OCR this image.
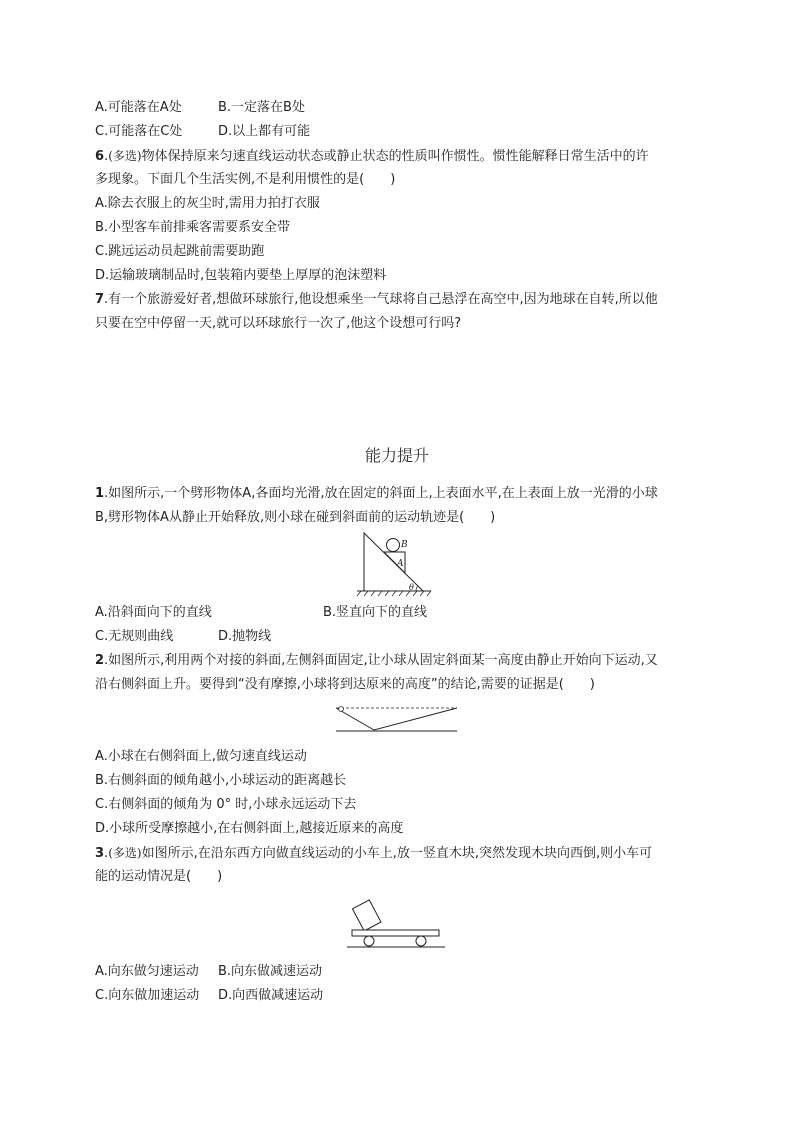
A.可能落在A处	B.一定落在B处
C.可能落在C处	D.以上都有可能
6.(多选)物体保持原来匀速直线运动状态或静止状态的性质叫作惯性。惯性能解释日常生活中的许
多现象。下面几个生活实例,不是利用惯性的是(　　)
A.除去衣服上的灰尘时,需用力拍打衣服
B.小型客车前排乘客需要系安全带
C.跳远运动员起跳前需要助跑
D.运输玻璃制品时,包装箱内要垫上厚厚的泡沫塑料
7.有一个旅游爱好者,想做环球旅行,他设想乘坐一气球将自己悬浮在高空中,因为地球在自转,所以他
只要在空中停留一天,就可以环球旅行一次了,他这个设想可行吗?
能力提升
1.如图所示,一个劈形物体A,各面均光滑,放在固定的斜面上,上表面水平,在上表面上放一光滑的小球
B,劈形物体A从静止开始释放,则小球在碰到斜面前的运动轨迹是(　　)
B
A
θ
A.沿斜面向下的直线	B.竖直向下的直线
C.无规则曲线	D.抛物线
2.如图所示,利用两个对接的斜面,左侧斜面固定,让小球从固定斜面某一高度由静止开始向下运动,又
沿右侧斜面上升。要得到“没有摩擦,小球将到达原来的高度”的结论,需要的证据是(　　)
A.小球在右侧斜面上,做匀速直线运动
B.右侧斜面的倾角越小,小球运动的距离越长
C.右侧斜面的倾角为 0° 时,小球永远运动下去
D.小球所受摩擦越小,在右侧斜面上,越接近原来的高度
3.(多选)如图所示,在沿东西方向做直线运动的小车上,放一竖直木块,突然发现木块向西倒,则小车可
能的运动情况是(　　)
A.向东做匀速运动 B.向东做减速运动
C.向东做加速运动 D.向西做减速运动
